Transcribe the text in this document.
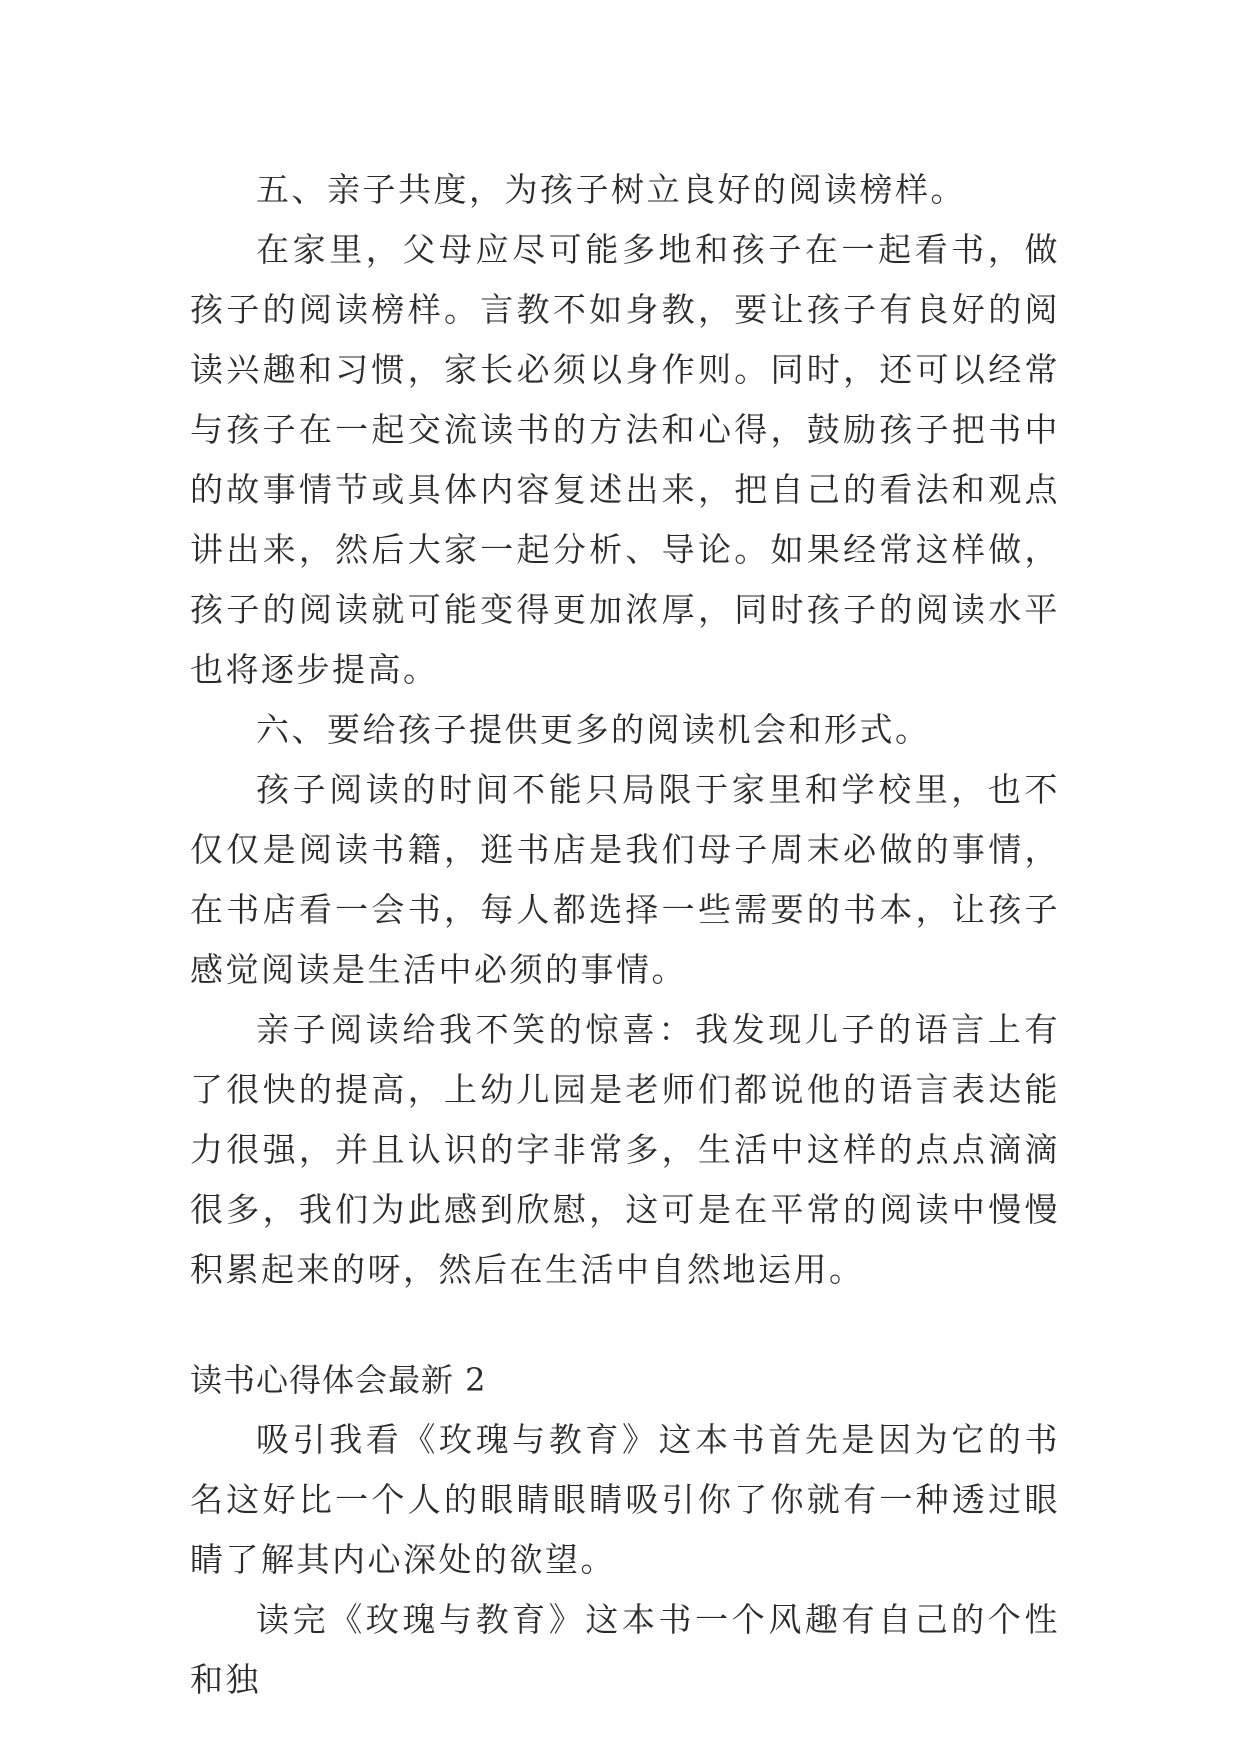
五、亲子共度，为孩子树立良好的阅读榜样。

在家里，父母应尽可能多地和孩子在一起看书，做孩子的阅读榜样。言教不如身教，要让孩子有良好的阅读兴趣和习惯，家长必须以身作则。同时，还可以经常与孩子在一起交流读书的方法和心得，鼓励孩子把书中的故事情节或具体内容复述出来，把自己的看法和观点讲出来，然后大家一起分析、导论。如果经常这样做，孩子的阅读就可能变得更加浓厚，同时孩子的阅读水平也将逐步提高。

六、要给孩子提供更多的阅读机会和形式。

孩子阅读的时间不能只局限于家里和学校里，也不仅仅是阅读书籍，逛书店是我们母子周末必做的事情，在书店看一会书，每人都选择一些需要的书本，让孩子感觉阅读是生活中必须的事情。

亲子阅读给我不笑的惊喜：我发现儿子的语言上有了很快的提高，上幼儿园是老师们都说他的语言表达能力很强，并且认识的字非常多，生活中这样的点点滴滴很多，我们为此感到欣慰，这可是在平常的阅读中慢慢积累起来的呀，然后在生活中自然地运用。

读书心得体会最新 2

吸引我看《玫瑰与教育》这本书首先是因为它的书名这好比一个人的眼睛眼睛吸引你了你就有一种透过眼睛了解其内心深处的欲望。

读完《玫瑰与教育》这本书一个风趣有自己的个性和独
